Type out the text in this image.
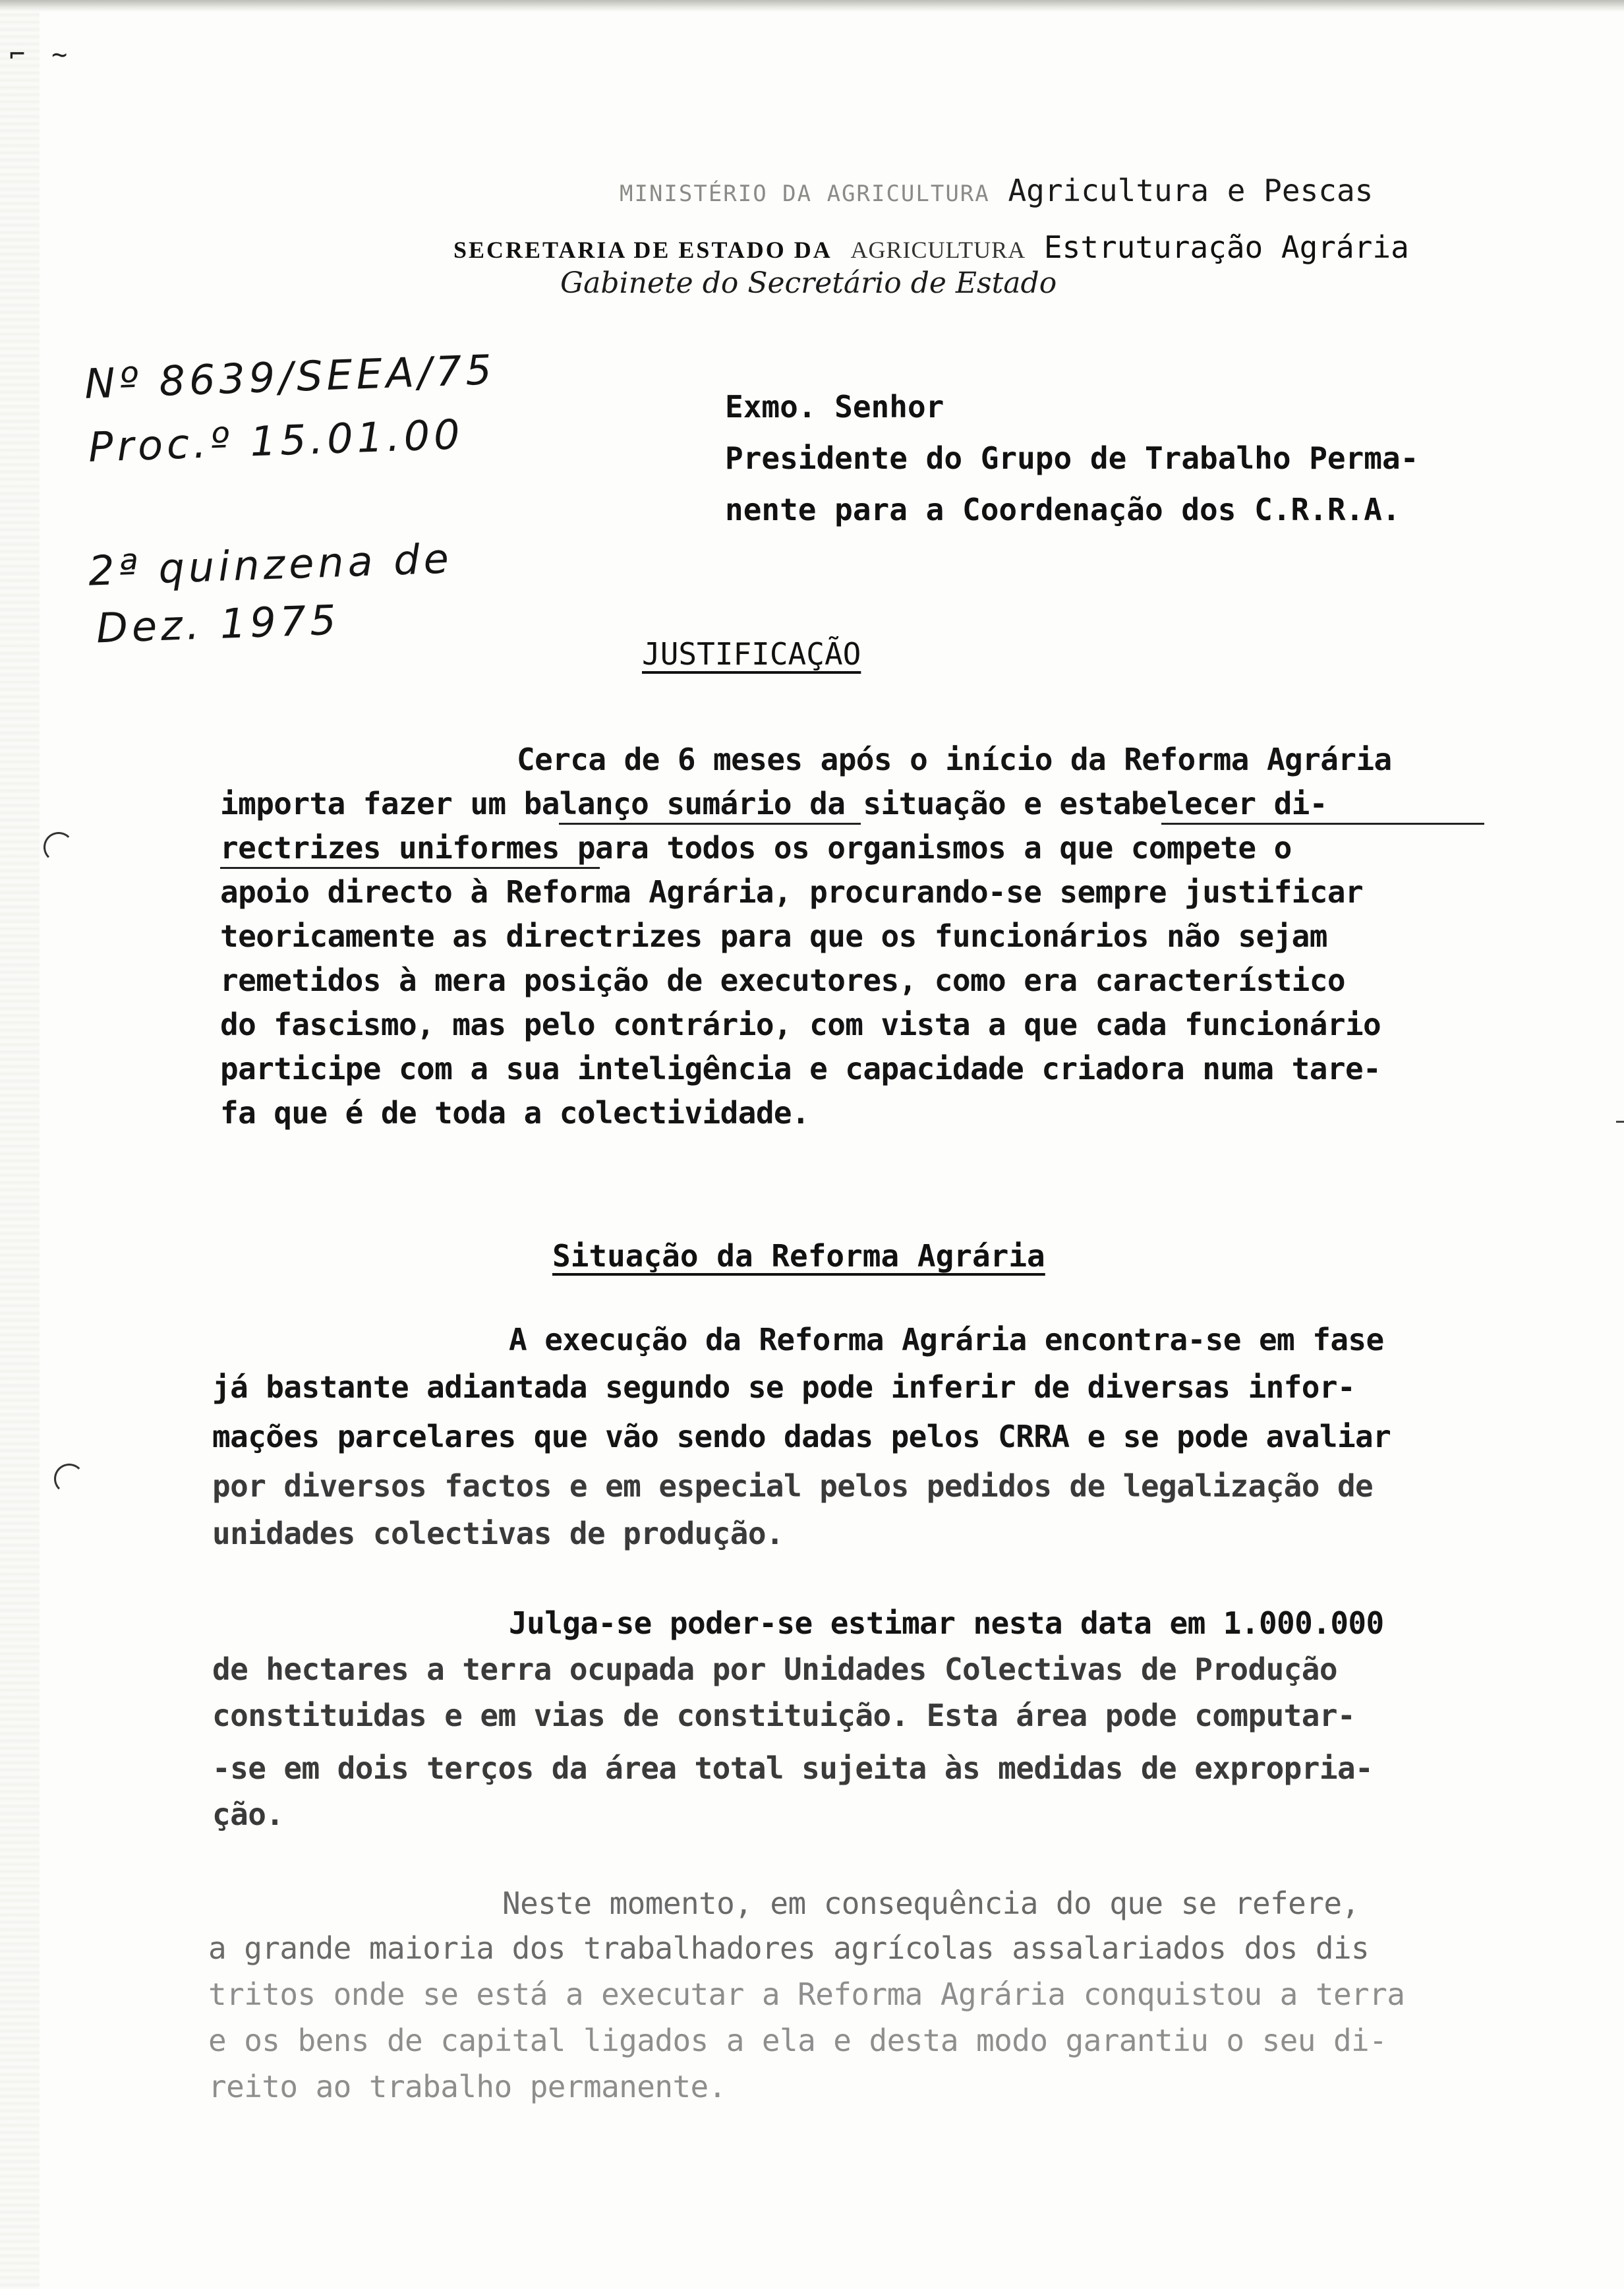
⌐ ~
MINISTÉRIO DA AGRICULTURA Agricultura e Pescas
SECRETARIA DE ESTADO DA AGRICULTURA Estruturação Agrária
Gabinete do Secretário de Estado
Nº 8639/SEEA/75
Proc.º 15.01.00
2ª quinzena de
Dez. 1975
Exmo. Senhor
Presidente do Grupo de Trabalho Perma-
nente para a Coordenação dos C.R.R.A.
JUSTIFICAÇÃO
Cerca de 6 meses após o início da Reforma Agrária
importa fazer um balanço sumário da situação e estabelecer di-
rectrizes uniformes para todos os organismos a que compete o
apoio directo à Reforma Agrária, procurando-se sempre justificar
teoricamente as directrizes para que os funcionários não sejam
remetidos à mera posição de executores, como era característico
do fascismo, mas pelo contrário, com vista a que cada funcionário
participe com a sua inteligência e capacidade criadora numa tare-
fa que é de toda a colectividade.
Situação da Reforma Agrária
A execução da Reforma Agrária encontra-se em fase
já bastante adiantada segundo se pode inferir de diversas infor-
mações parcelares que vão sendo dadas pelos CRRA e se pode avaliar
por diversos factos e em especial pelos pedidos de legalização de
unidades colectivas de produção.
Julga-se poder-se estimar nesta data em 1.000.000
de hectares a terra ocupada por Unidades Colectivas de Produção
constituidas e em vias de constituição. Esta área pode computar-
-se em dois terços da área total sujeita às medidas de expropria-
ção.
Neste momento, em consequência do que se refere,
a grande maioria dos trabalhadores agrícolas assalariados dos dis
tritos onde se está a executar a Reforma Agrária conquistou a terra
e os bens de capital ligados a ela e desta modo garantiu o seu di-
reito ao trabalho permanente.
